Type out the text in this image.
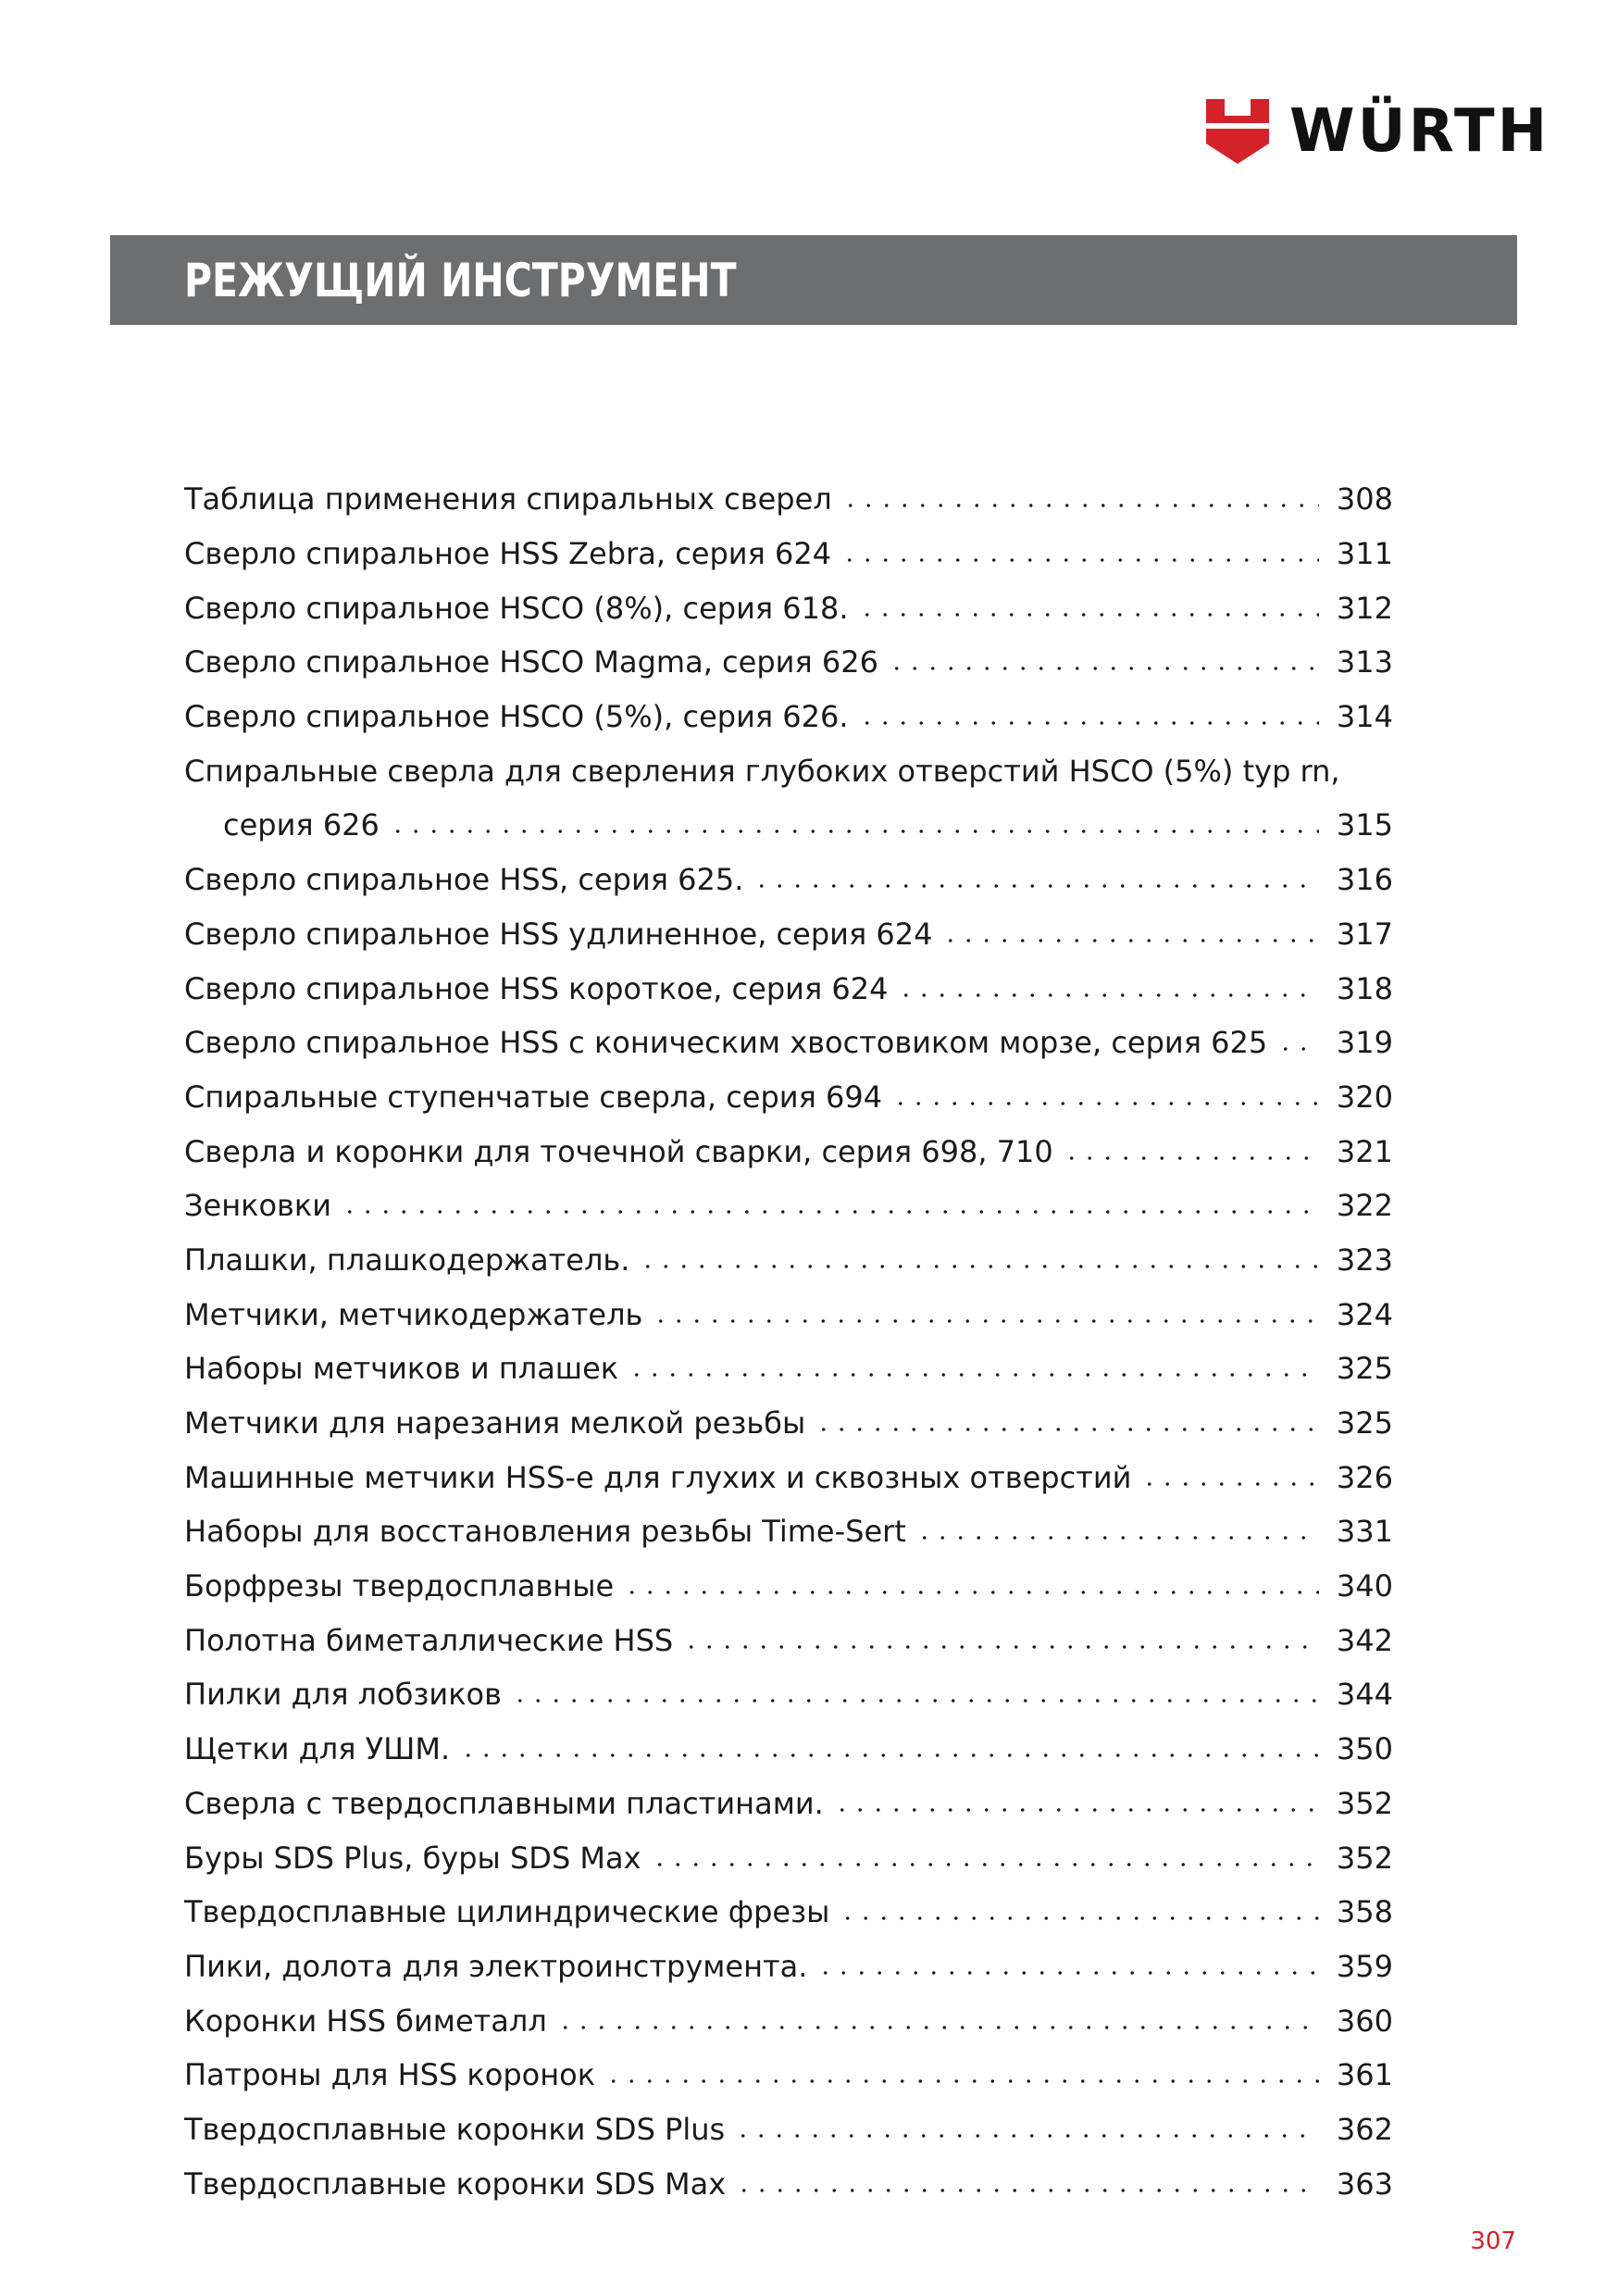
WÜRTH
РЕЖУЩИЙ ИНСТРУМЕНТ
Таблица применения спиральных сверел	308
Сверло спиральное HSS Zebra, серия 624	311
Сверло спиральное HSCO (8%), серия 618.	312
Сверло спиральное HSCO Magma, серия 626	313
Сверло спиральное HSCO (5%), серия 626.	314
Спиральные сверла для сверления глубоких отверстий HSCO (5%) typ rn,
серия 626	315
Сверло спиральное HSS, серия 625.	316
Сверло спиральное HSS удлиненное, серия 624	317
Сверло спиральное HSS короткое, серия 624	318
Сверло спиральное HSS с коническим хвостовиком морзе, серия 625 319
Спиральные ступенчатые сверла, серия 694	320
Сверла и коронки для точечной сварки, серия 698, 710	321
Зенковки	322
Плашки, плашкодержатель.	323
Метчики, метчикодержатель	324
Наборы метчиков и плашек	325
Метчики для нарезания мелкой резьбы	325
Машинные метчики HSS-e для глухих и сквозных отверстий	326
Наборы для восстановления резьбы Time-Sert	331
Борфрезы твердосплавные	340
Полотна биметаллические HSS	342
Пилки для лобзиков	344
Щетки для УШМ.	350
Сверла с твердосплавными пластинами.	352
Буры SDS Plus, буры SDS Max	352
Твердосплавные цилиндрические фрезы	358
Пики, долота для электроинструмента.	359
Коронки HSS биметалл	360
Патроны для HSS коронок	361
Твердосплавные коронки SDS Plus	362
Твердосплавные коронки SDS Max	363
307
